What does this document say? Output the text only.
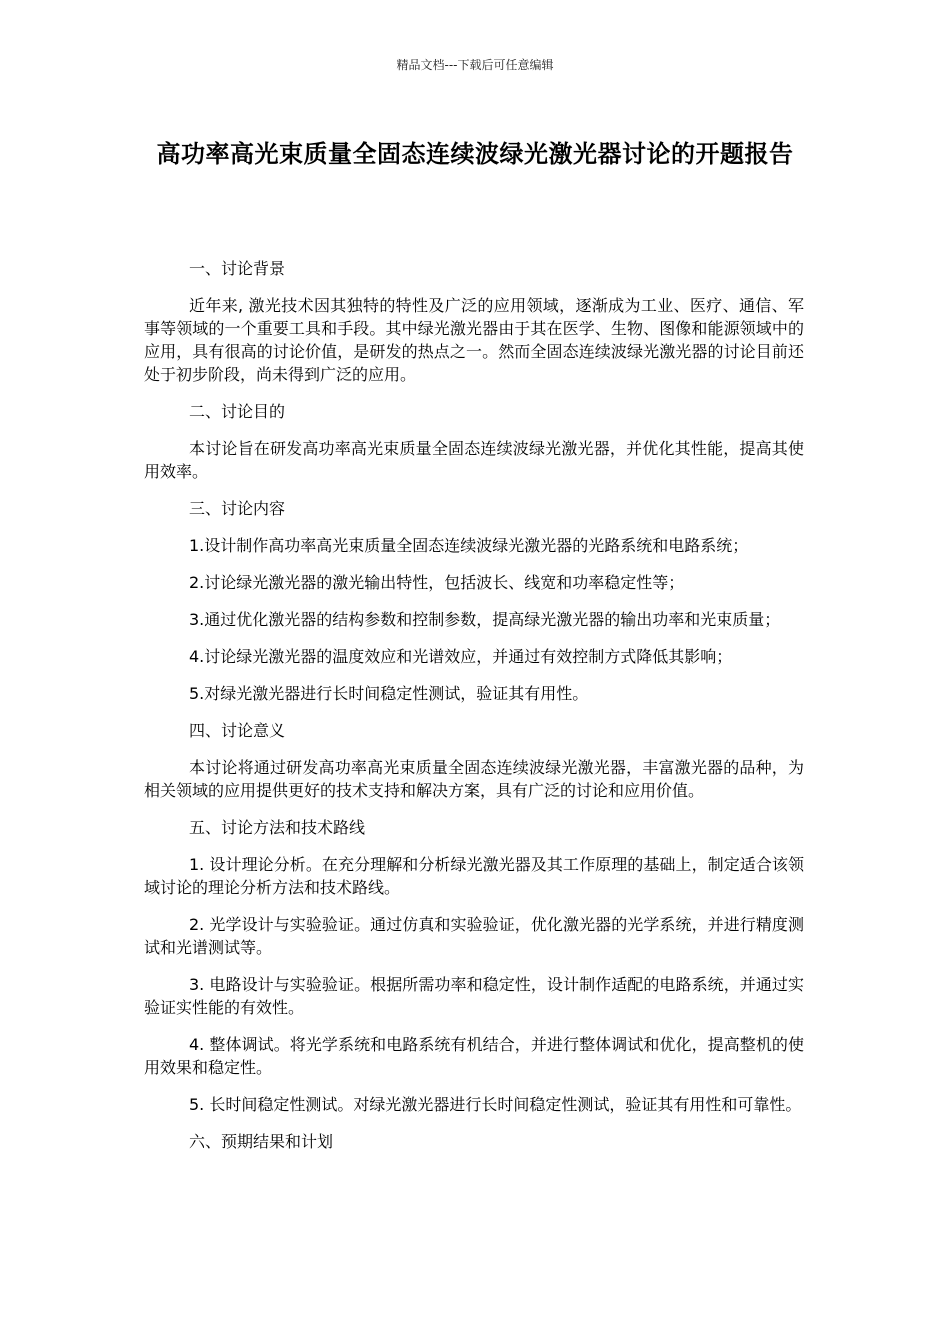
精品文档---下载后可任意编辑
高功率高光束质量全固态连续波绿光激光器讨论的开题报告
一、讨论背景
近年来, 激光技术因其独特的特性及广泛的应用领域，逐渐成为工业、医疗、通信、军事等领域的一个重要工具和手段。其中绿光激光器由于其在医学、生物、图像和能源领域中的应用，具有很高的讨论价值，是研发的热点之一。然而全固态连续波绿光激光器的讨论目前还处于初步阶段，尚未得到广泛的应用。
二、讨论目的
本讨论旨在研发高功率高光束质量全固态连续波绿光激光器，并优化其性能，提高其使用效率。
三、讨论内容
1.设计制作高功率高光束质量全固态连续波绿光激光器的光路系统和电路系统；
2.讨论绿光激光器的激光输出特性，包括波长、线宽和功率稳定性等；
3.通过优化激光器的结构参数和控制参数，提高绿光激光器的输出功率和光束质量；
4.讨论绿光激光器的温度效应和光谱效应，并通过有效控制方式降低其影响；
5.对绿光激光器进行长时间稳定性测试，验证其有用性。
四、讨论意义
本讨论将通过研发高功率高光束质量全固态连续波绿光激光器，丰富激光器的品种，为相关领域的应用提供更好的技术支持和解决方案，具有广泛的讨论和应用价值。
五、讨论方法和技术路线
1. 设计理论分析。在充分理解和分析绿光激光器及其工作原理的基础上，制定适合该领域讨论的理论分析方法和技术路线。
2. 光学设计与实验验证。通过仿真和实验验证，优化激光器的光学系统，并进行精度测试和光谱测试等。
3. 电路设计与实验验证。根据所需功率和稳定性，设计制作适配的电路系统，并通过实验证实性能的有效性。
4. 整体调试。将光学系统和电路系统有机结合，并进行整体调试和优化，提高整机的使用效果和稳定性。
5. 长时间稳定性测试。对绿光激光器进行长时间稳定性测试，验证其有用性和可靠性。
六、预期结果和计划
